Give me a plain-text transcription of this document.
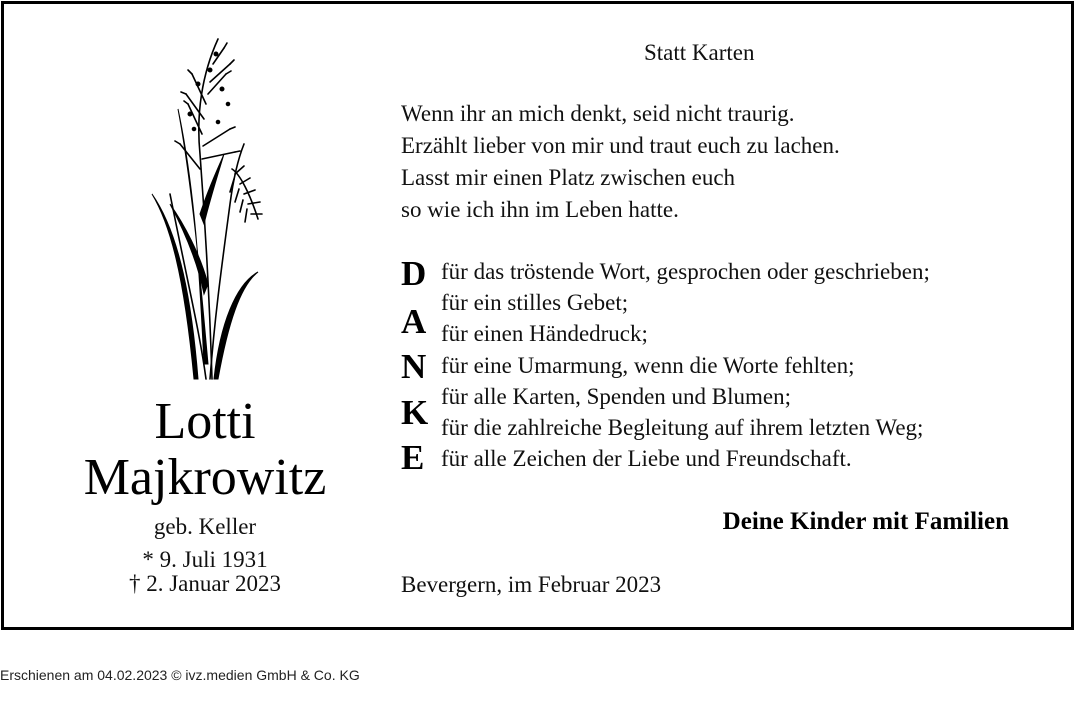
Lotti
Majkrowitz
geb. Keller
* 9. Juli 1931
† 2. Januar 2023
Statt Karten
Wenn ihr an mich denkt, seid nicht traurig.
Erzählt lieber von mir und traut euch zu lachen.
Lasst mir einen Platz zwischen euch
so wie ich ihn im Leben hatte.
D
A
N
K
E
für das tröstende Wort, gesprochen oder geschrieben;
für ein stilles Gebet;
für einen Händedruck;
für eine Umarmung, wenn die Worte fehlten;
für alle Karten, Spenden und Blumen;
für die zahlreiche Begleitung auf ihrem letzten Weg;
für alle Zeichen der Liebe und Freundschaft.
Deine Kinder mit Familien
Bevergern, im Februar 2023
Erschienen am 04.02.2023 © ivz.medien GmbH & Co. KG
